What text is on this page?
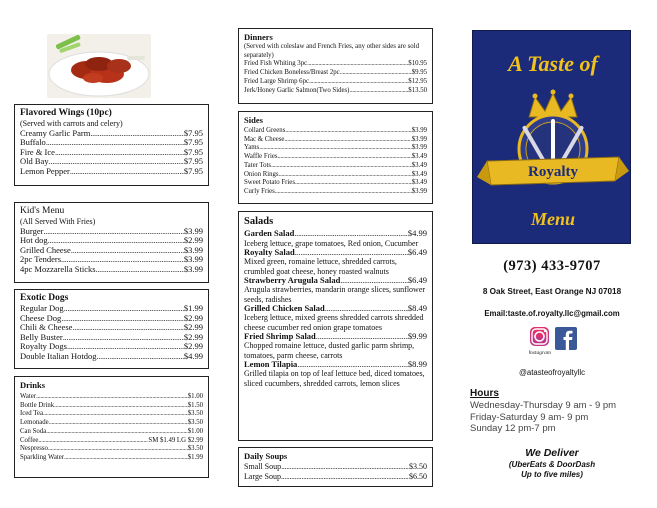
Flavored Wings (10pc)
(Served with carrots and celery)
Creamy Garlic Parm .....	$7.95
Buffalo .....	$7.95
Fire & Ice .....	$7.95
Old Bay .....	$7.95
Lemon Pepper .....	$7.95
Kid's Menu
(All Served With Fries)
Burger .....	$3.99
Hot dog .....	$2.99
Grilled Cheese .....	$3.99
2pc Tenders .....	$3.99
4pc Mozzarella Sticks .....	$3.99
Exotic Dogs
Regular Dog .....	$1.99
Cheese Dog .....	$2.99
Chili & Cheese .....	$2.99
Belly Buster .....	$2.99
Royalty Dogs .....	$2.99
Double Italian Hotdog .....	$4.99
Drinks
Water .....	$1.00
Bottle Drink .....	$1.50
Iced Tea .....	$3.50
Lemonade .....	$3.50
Can Soda .....	$1.00
Coffee .....	SM $1.49 LG $2.99
Nespresso .....	$3.50
Sparkling Water .....	$1.99
Dinners
(Served with coleslaw and French Fries, any other sides are sold separately)
Fried Fish Whiting 3pc .....	$10.95
Fried Chicken Boneless/Breast 2pc .....	$9.95
Fried Large Shrimp 6pc .....	$12.95
Jerk/Honey Garlic Salmon(Two Sides) .....	$13.50
Sides
Collard Greens .....	$3.99
Mac & Cheese .....	$3.99
Yams .....	$3.99
Waffle Fries .....	$3.49
Tater Tots .....	$3.49
Onion Rings .....	$3.49
Sweet Potato Fries .....	$3.49
Curly Fries .....	$3.99
Salads
Garden Salad .....	$4.99
Iceberg lettuce, grape tomatoes, Red onion, Cucumber
Royalty Salad .....	$6.49
Mixed green, romaine lettuce, shredded carrots, crumbled goat cheese, honey roasted walnuts
Strawberry Arugula Salad .....	$6.49
Arugula strawberries, mandarin orange slices, sunflower seeds, radishes
Grilled Chicken Salad .....	$8.49
Iceberg lettuce, mixed greens shredded carrots shredded cheese cucumber red onion grape tomatoes
Fried Shrimp Salad .....	$9.99
Chopped romaine lettuce, dusted garlic parm shrimp, tomatoes, parm cheese, carrots
Lemon Tilapia .....	$8.99
Grilled tilapia on top of leaf lettuce bed, diced tomatoes, sliced cucumbers, shredded carrots, lemon slices
Daily Soups
Small Soup .....	$3.50
Large Soup .....	$6.50
A Taste of
Royalty
LEAD TO LOYALTY
Menu
(973) 433-9707
8 Oak Street, East Orange NJ 07018
Email:taste.of.royalty.llc@gmail.com
Instagram
@atasteofroyaltyllc
Hours
Wednesday-Thursday 9 am - 9 pm
Friday-Saturday 9 am- 9 pm
Sunday 12 pm-7 pm
We Deliver
(UberEats & DoorDash
Up to five miles)
